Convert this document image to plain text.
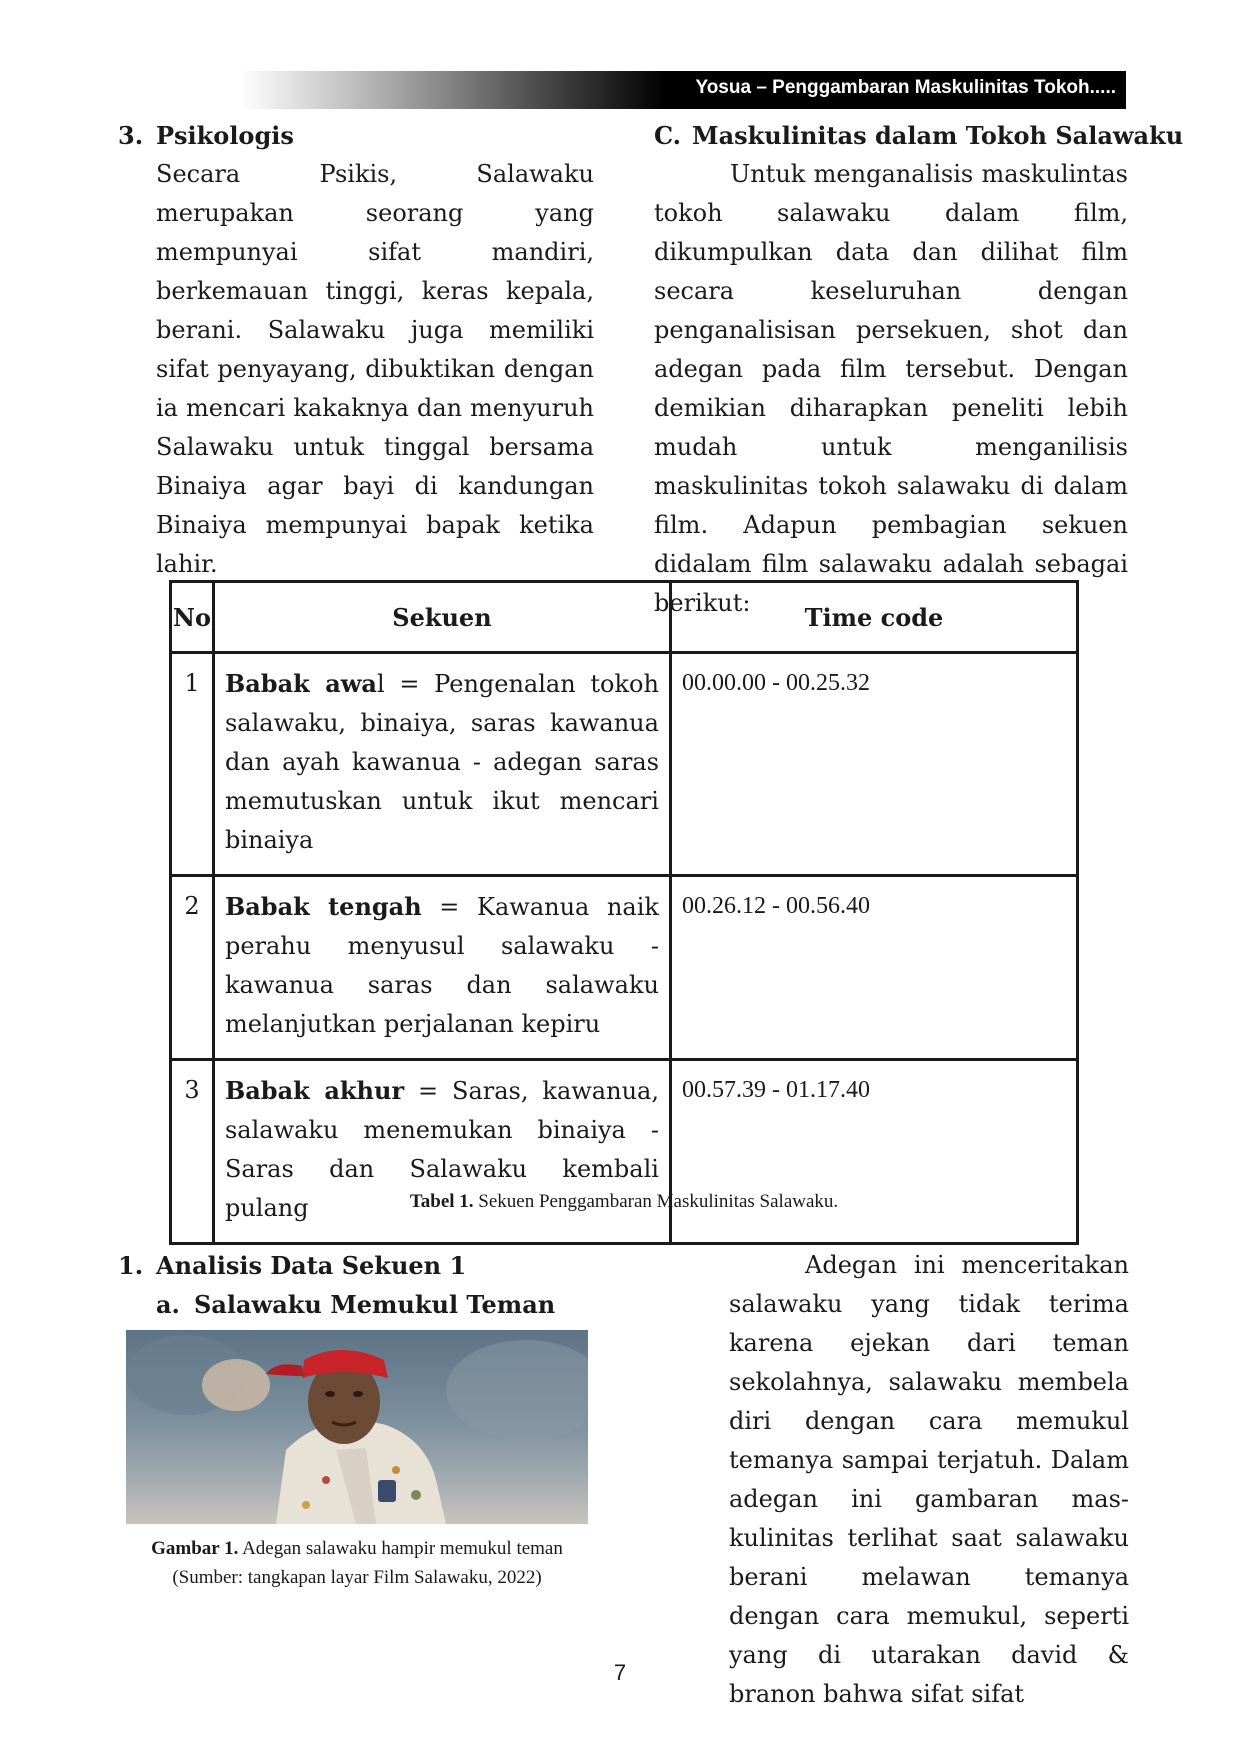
Yosua – Penggambaran Maskulinitas Tokoh.....

3. Psikologis

Secara Psikis, Salawaku merupakan seorang yang mempunyai sifat mandiri, berkemauan tinggi, keras kepala, berani. Salawaku juga memiliki sifat penyayang, dibuktikan dengan ia mencari kakaknya dan menyuruh Salawaku untuk tinggal bersama Binaiya agar bayi di kandungan Binaiya mempunyai bapak ketika lahir.

C. Maskulinitas dalam Tokoh Salawaku

Untuk menganalisis maskulintas tokoh salawaku dalam film, dikumpulkan data dan dilihat film secara keseluruhan dengan penganalisisan persekuen, shot dan adegan pada film tersebut. Dengan demikian diharapkan peneliti lebih mudah untuk menganilisis maskulinitas tokoh salawaku di dalam film. Adapun pembagian sekuen didalam film salawaku adalah sebagai berikut:

No	Sekuen	Time code
1	Babak awal = Pengenalan tokoh salawaku, binaiya, saras kawanua dan ayah kawanua - adegan saras memutuskan untuk ikut mencari binaiya	00.00.00 - 00.25.32
2	Babak tengah = Kawanua naik perahu menyusul salawaku - kawanua saras dan salawaku melanjutkan perjalanan kepiru	00.26.12 - 00.56.40
3	Babak akhur = Saras, kawanua, salawaku menemukan binaiya - Saras dan Salawaku kembali pulang	00.57.39 - 01.17.40
Tabel 1. Sekuen Penggambaran Maskulinitas Salawaku.

1. Analisis Data Sekuen 1

a. Salawaku Memukul Teman

Gambar 1. Adegan salawaku hampir memukul teman (Sumber: tangkapan layar Film Salawaku, 2022)

Adegan ini menceritakan salawaku yang tidak terima karena ejekan dari teman sekolahnya, salawaku membela diri dengan cara memukul temanya sampai terjatuh. Dalam adegan ini gambaran maskulinitas terlihat saat salawaku berani melawan temanya dengan cara memukul, seperti yang di utarakan david & branon bahwa sifat sifat

7
